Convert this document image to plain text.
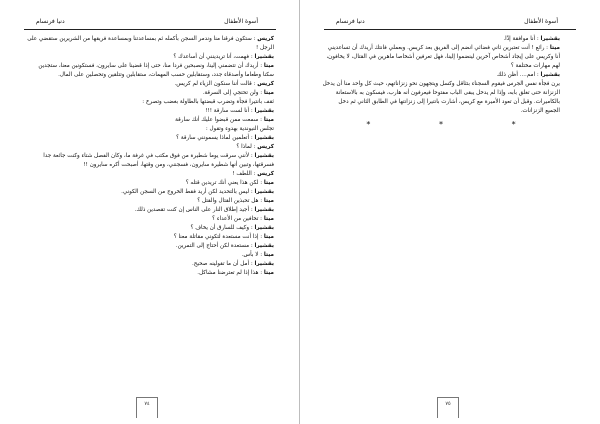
أسوة الأطفال
دنيا فرنسام

كريس : ستكون فرقنا منا وندمر السجن بأكمله ثم بمساعدتنا وبمساعدة فريقها من الشريرين ستقضي على الرجل !

بقشيرا : فهمت، أنا تريدينني أن أساعدك ؟

ميتا : أريدك أن تتضمني إلينا، ونصبحين فردا منا، حتى إذا قضينا على سايرون، فستكونين معنا، ستجدين سكنا وطعاما وأصدقاء جدد، وستقابلين حسب المهمات، ستقابلين وتتلقين وتحصلين على المال.

كريس : قالت أننا سنكون الزياء لم كريس.

ميتا : ولن تحتجي إلى السرقة.

ثقف بانتيرا فجأة وتضرب قبضتها بالطاولة بغضب وتصرخ :

بقشيرا : أنا لست سارقة !!!

ميتا : سمعت ممن قبضوا عليك أنك سارقة

تجلس النيوندية بهدوء وتقول :

بقشيرا : أتعلمين لماذا يسمونني سارقة ؟

كريس : لماذا ؟

بقشيرا : لأنني سرقت يوما شطيرة من فوق مكتب في غرفة ما، وكان الفصل شتاء وكنت جائعة جدا فسرقتها، وتبين أنها شطيرة سايرون، فسجنني، ومن وقتها، أصبحت أكره سايرون !!

كريس : اللطف !

ميتا : لكن هذا يعني أنك تريدين قتله ؟

بقشيرا : ليس بالتحديد لكن أريد فقط الخروج من السجن الكوني.

ميتا : هل تحبذين القتال والقتل ؟

بقشيرا : أجيد إطلاق النار على الناس إن كنت تقصدين ذلك.

ميتا : تخافين من الأعداء ؟

بقشيرا : وكيف للسارق أن يخاف ؟

ميتا : إذا أنت مستعدة لتكوني مقاتلة معنا ؟

بقشيرا : مستعدة لكن أحتاج إلى التمرين.

ميتا : لا بأس.

بقشيرا : أمل أن ما تقولينه صحيح.

ميتا : هذا إذا لم تعترضنا مشاكل.

٧٤
أسوة الأطفال
دنيا فرنسام

بقشيرا : أنا موافقة إذًا.

ميتا : رائع ! أنت تعتبرين ثاني فضائي انضم إلى الفريق بعد كريس. وبعملي فانتك أريدك أن تساعديني أنا وكريس على إيجاد أشخاص آخرين لينضموا إلينا، فهل تعرفين أشخاصا ماهرين في القتال، لا يخافون، لهم مهارات مختلفة ؟

بقشيرا : امم.... أظن ذلك

يرن فجأة نفس الجرس فيقوم السجناء بتثاقل وكسل ويتجهون نحو زنزاناتهم، حيث كل واحد منا أن يدخل الزنزانة حتى تغلق بابه، وإذا لم يدخل يبقى الباب مفتوحا فيعرفون أنه هارب، فيسكون به بالاستعانة بالكاميرات. وقبل أن تعود الأميرة مع كريس، أشارت بانتيرا إلى زنزانتها في الطابق الثاني ثم دخل الجميع الزنزانات.

*	*	*
٧٥
